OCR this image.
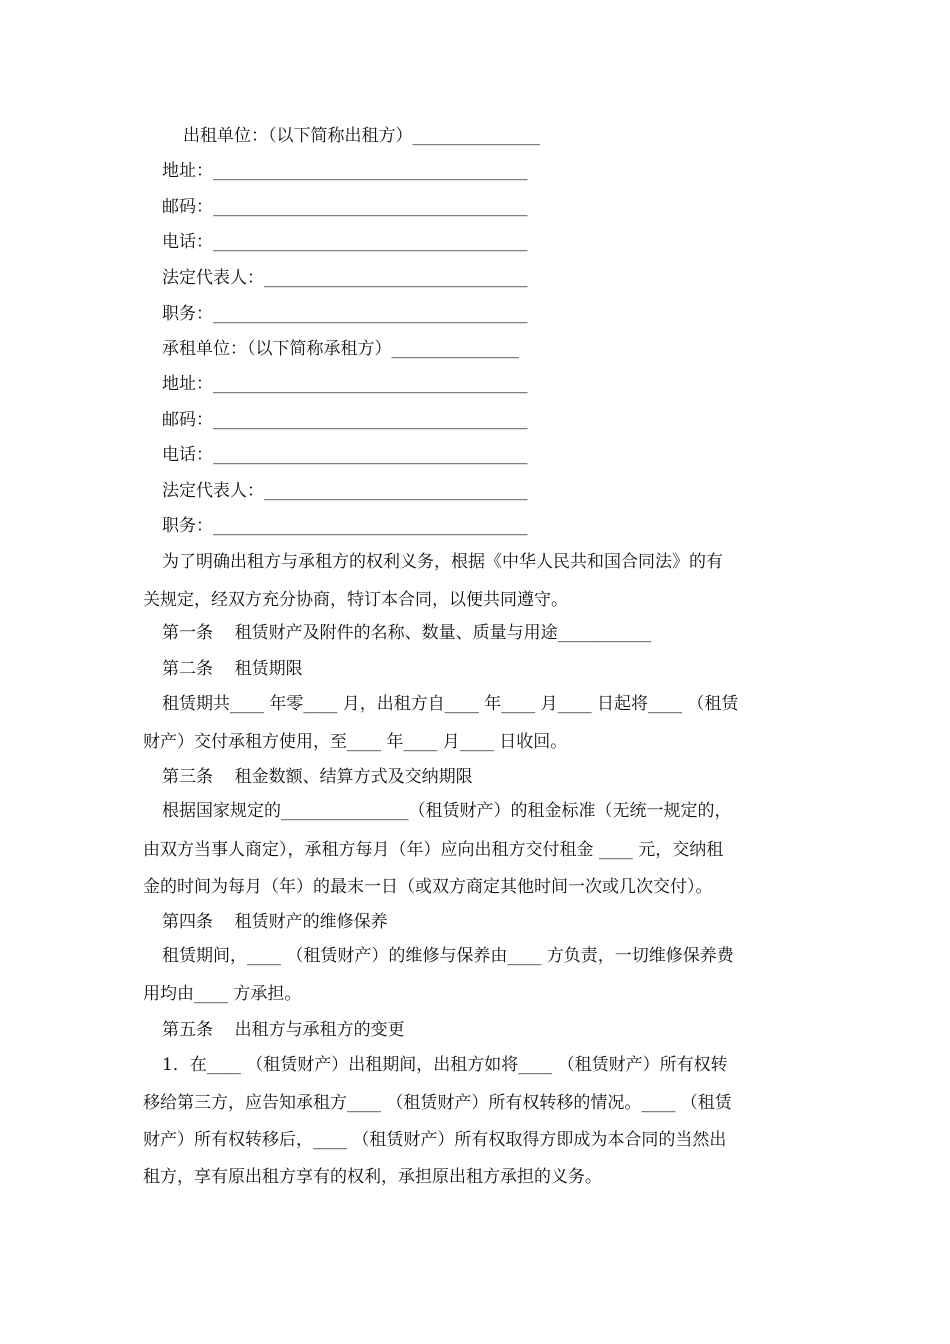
出租单位：（以下简称出租方）_______________
地址：_____________________________________
邮码：_____________________________________
电话：_____________________________________
法定代表人：_______________________________
职务：_____________________________________
承租单位：（以下简称承租方）_______________
地址：_____________________________________
邮码：_____________________________________
电话：_____________________________________
法定代表人：_______________________________
职务：_____________________________________
为了明确出租方与承租方的权利义务，根据《中华人民共和国合同法》的有
关规定，经双方充分协商，特订本合同，以便共同遵守。
第一条    租赁财产及附件的名称、数量、质量与用途___________
第二条    租赁期限
租赁期共____ 年零____ 月，出租方自____ 年____ 月____ 日起将____ （租赁
财产）交付承租方使用，至____ 年____ 月____ 日收回。
第三条    租金数额、结算方式及交纳期限
根据国家规定的_______________（租赁财产）的租金标准（无统一规定的，
由双方当事人商定），承租方每月（年）应向出租方交付租金 ____ 元，交纳租
金的时间为每月（年）的最末一日（或双方商定其他时间一次或几次交付）。
第四条    租赁财产的维修保养
租赁期间，____ （租赁财产）的维修与保养由____ 方负责，一切维修保养费
用均由____ 方承担。
第五条    出租方与承租方的变更
1．在____ （租赁财产）出租期间，出租方如将____ （租赁财产）所有权转
移给第三方，应告知承租方____ （租赁财产）所有权转移的情况。____ （租赁
财产）所有权转移后，____ （租赁财产）所有权取得方即成为本合同的当然出
租方，享有原出租方享有的权利，承担原出租方承担的义务。
